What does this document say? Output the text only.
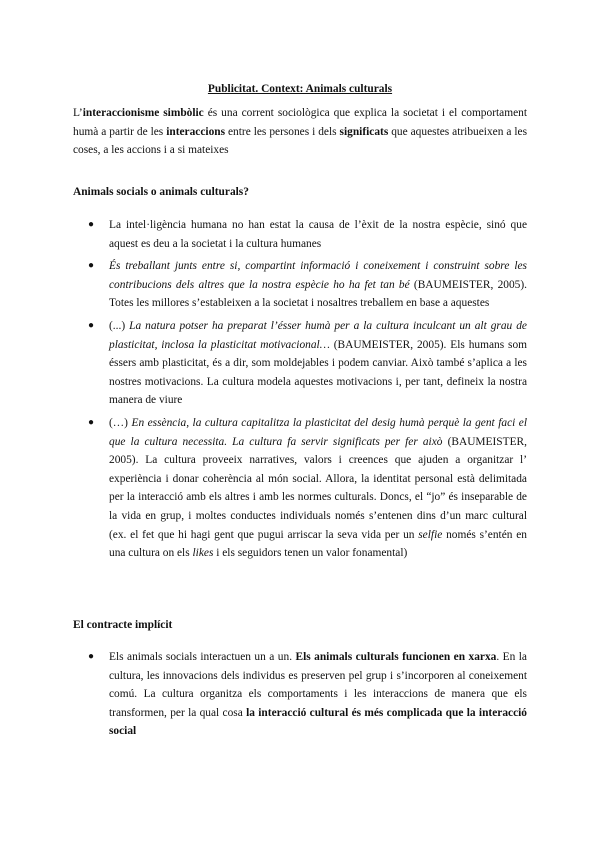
Publicitat. Context: Animals culturals

L’interaccionisme simbòlic és una corrent sociològica que explica la societat i el comportament humà a partir de les interaccions entre les persones i dels significats que aquestes atribueixen a les coses, a les accions i a si mateixes

Animals socials o animals culturals?
● La intel·ligència humana no han estat la causa de l’èxit de la nostra espècie, sinó que aquest es deu a la societat i la cultura humanes
● És treballant junts entre si, compartint informació i coneixement i construint sobre les contribucions dels altres que la nostra espècie ho ha fet tan bé (BAUMEISTER, 2005). Totes les millores s’estableixen a la societat i nosaltres treballem en base a aquestes
● (...) La natura potser ha preparat l’ésser humà per a la cultura inculcant un alt grau de plasticitat, inclosa la plasticitat motivacional… (BAUMEISTER, 2005). Els humans som éssers amb plasticitat, és a dir, som moldejables i podem canviar. Això també s’aplica a les nostres motivacions. La cultura modela aquestes motivacions i, per tant, defineix la nostra manera de viure
● (…) En essència, la cultura capitalitza la plasticitat del desig humà perquè la gent faci el que la cultura necessita. La cultura fa servir significats per fer això (BAUMEISTER, 2005). La cultura proveeix narratives, valors i creences que ajuden a organitzar l’ experiència i donar coherència al món social. Allora, la identitat personal està delimitada per la interacció amb els altres i amb les normes culturals. Doncs, el “jo” és inseparable de la vida en grup, i moltes conductes individuals només s’entenen dins d’un marc cultural (ex. el fet que hi hagi gent que pugui arriscar la seva vida per un selfie només s’entén en una cultura on els likes i els seguidors tenen un valor fonamental)
El contracte implícit
● Els animals socials interactuen un a un. Els animals culturals funcionen en xarxa. En la cultura, les innovacions dels individus es preserven pel grup i s’incorporen al coneixement comú. La cultura organitza els comportaments i les interaccions de manera que els transformen, per la qual cosa la interacció cultural és més complicada que la interacció social
